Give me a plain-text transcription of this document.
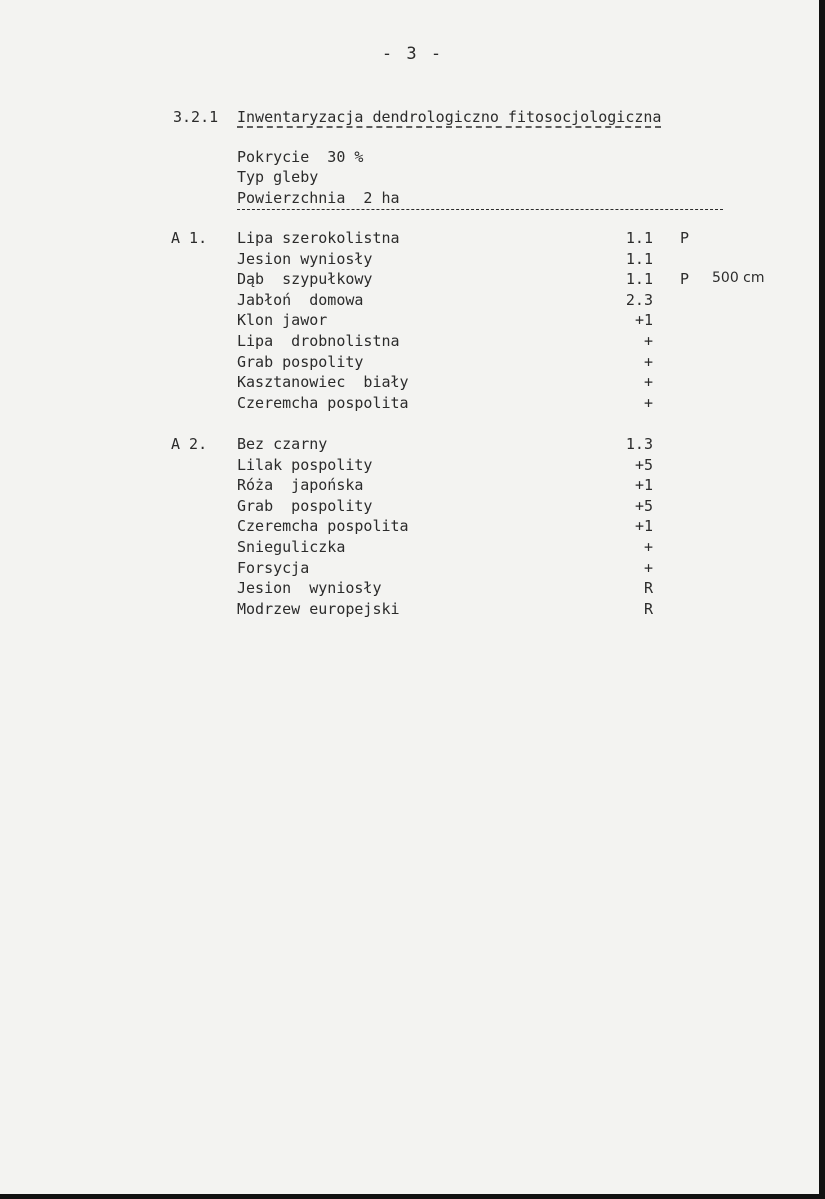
- 3 -
3.2.1 Inwentaryzacja dendrologiczno fitosocjologiczna
Pokrycie  30 %
Typ gleby
Powierzchnia  2 ha
A 1. Lipa szerokolistna	1.1 P
Jesion wyniosły	1.1
Dąb  szypułkowy	1.1 P 500 cm
Jabłoń  domowa	2.3
Klon jawor	+1
Lipa  drobnolistna	+
Grab pospolity	+
Kasztanowiec  biały	+
Czeremcha pospolita	+
A 2. Bez czarny	1.3
Lilak pospolity	+5
Róża  japońska	+1
Grab  pospolity	+5
Czeremcha pospolita	+1
Snieguliczka	+
Forsycja	+
Jesion  wyniosły	R
Modrzew europejski	R
